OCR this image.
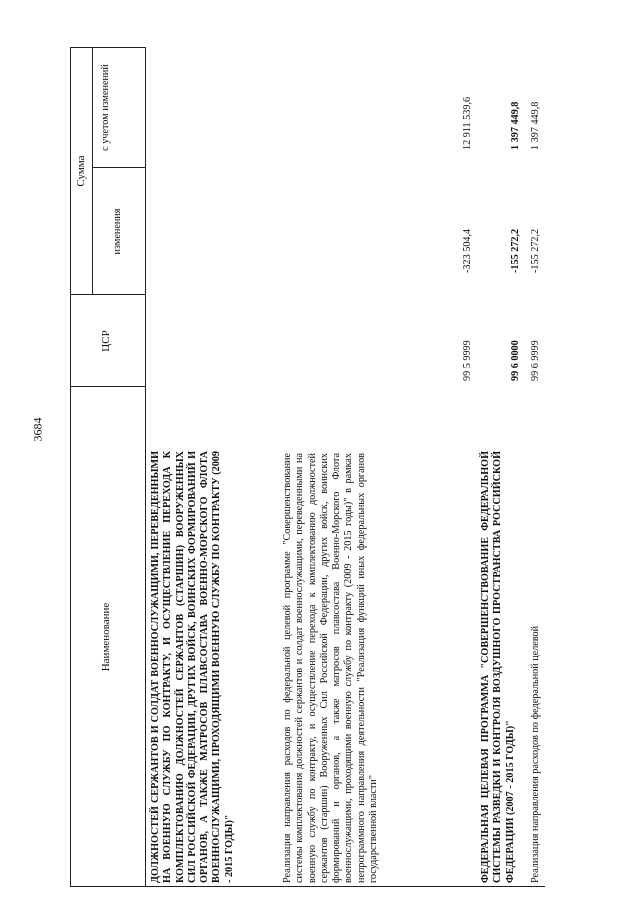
3684
Наименование
ЦСР
Сумма
изменения
с учетом изменений
ДОЛЖНОСТЕЙ СЕРЖАНТОВ И СОЛДАТ ВОЕННОСЛУЖАЩИМИ, ПЕРЕВЕДЕННЫМИ НА ВОЕННУЮ СЛУЖБУ ПО КОНТРАКТУ, И ОСУЩЕСТВЛЕНИЕ ПЕРЕХОДА К КОМПЛЕКТОВАНИЮ ДОЛЖНОСТЕЙ СЕРЖАНТОВ (СТАРШИН) ВООРУЖЕННЫХ СИЛ РОССИЙСКОЙ ФЕДЕРАЦИИ, ДРУГИХ ВОЙСК, ВОИНСКИХ ФОРМИРОВАНИЙ И ОРГАНОВ, А ТАКЖЕ МАТРОСОВ ПЛАВСОСТАВА ВОЕННО-МОРСКОГО ФЛОТА ВОЕННОСЛУЖАЩИМИ, ПРОХОДЯЩИМИ ВОЕННУЮ СЛУЖБУ ПО КОНТРАКТУ (2009 - 2015 ГОДЫ)"	Реализация направления расходов по федеральной целевой программе "Совершенствование системы комплектования должностей сержантов и солдат военнослужащими, переведенными на военную службу по контракту, и осуществление перехода к комплектованию должностей сержантов (старшин) Вооруженных Сил Российской Федерации, других войск, воинских формирований и органов, а также матросов плавсостава Военно-Морского Флота военнослужащими, проходящими военную службу по контракту (2009 - 2015 годы)" в рамках непрограммного направления деятельности "Реализация функций иных федеральных органов государственной власти"
99 5 9999
-323 504,4
12 911 539,6
ФЕДЕРАЛЬНАЯ ЦЕЛЕВАЯ ПРОГРАММА "СОВЕРШЕНСТВОВАНИЕ ФЕДЕРАЛЬНОЙ СИСТЕМЫ РАЗВЕДКИ И КОНТРОЛЯ ВОЗДУШНОГО ПРОСТРАНСТВА РОССИЙСКОЙ ФЕДЕРАЦИИ (2007 - 2015 ГОДЫ)"
99 6 0000
-155 272,2
1 397 449,8
Реализация направления расходов по федеральной целевой
99 6 9999
-155 272,2
1 397 449,8
